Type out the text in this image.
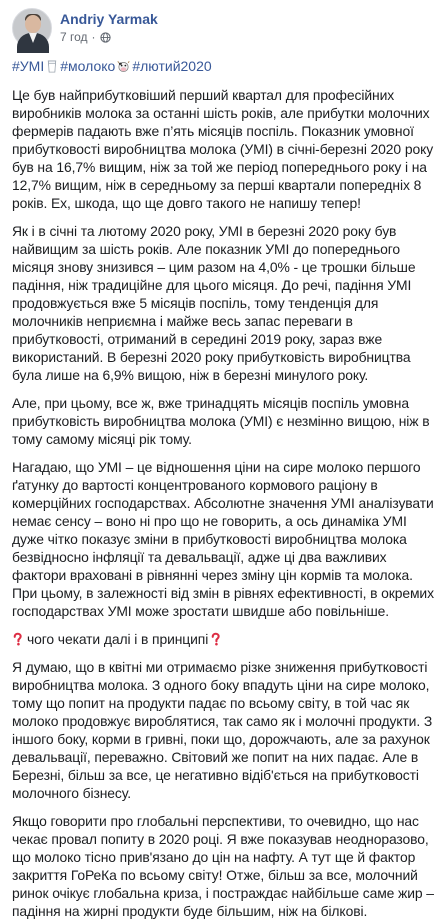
Andriy Yarmak
7 год ·
#УМІ #молоко #лютий2020

Це був найприбутковіший перший квартал для професійних виробників молока за останні шість років, але прибутки молочних фермерів падають вже п’ять місяців поспіль. Показник умовної прибутковості виробництва молока (УМІ) в січні-березні 2020 року був на 16,7% вищим, ніж за той же період попереднього року і на 12,7% вищим, ніж в середньому за перші квартали попередніх 8 років. Ех, шкода, що ще довго такого не напишу тепер!

Як і в січні та лютому 2020 року, УМІ в березні 2020 року був найвищим за шість років. Але показник УМІ до попереднього місяця знову знизився – цим разом на 4,0% - це трошки більше падіння, ніж традиційне для цього місяця. До речі, падіння УМІ продовжується вже 5 місяців поспіль, тому тенденція для молочників неприємна і майже весь запас переваги в прибутковості, отриманий в середині 2019 року, зараз вже використаний. В березні 2020 року прибутковість виробництва була лише на 6,9% вищою, ніж в березні минулого року.

Але, при цьому, все ж, вже тринадцять місяців поспіль умовна прибутковість виробництва молока (УМІ) є незмінно вищою, ніж в тому самому місяці рік тому.

Нагадаю, що УМІ – це відношення ціни на сире молоко першого ґатунку до вартості концентрованого кормового раціону в комерційних господарствах. Абсолютне значення УМІ аналізувати немає сенсу – воно ні про що не говорить, а ось динаміка УМІ дуже чітко показує зміни в прибутковості виробництва молока безвідносно інфляції та девальвації, адже ці два важливих фактори враховані в рівнянні через зміну цін кормів та молока. При цьому, в залежності від змін в рівнях ефективності, в окремих господарствах УМІ може зростати швидше або повільніше.

чого чекати далі і в принципі

Я думаю, що в квітні ми отримаємо різке зниження прибутковості виробництва молока. З одного боку впадуть ціни на сире молоко, тому що попит на продукти падає по всьому світу, в той час як молоко продовжує вироблятися, так само як і молочні продукти. З іншого боку, корми в гривні, поки що, дорожчають, але за рахунок девальвації, переважно. Світовий же попит на них падає. Але в Березні, більш за все, це негативно відіб'ється на прибутковості молочного бізнесу.

Якщо говорити про глобальні перспективи, то очевидно, що нас чекає провал попиту в 2020 році. Я вже показував неодноразово, що молоко тісно прив'язано до цін на нафту. А тут ще й фактор закриття ГоРеКа по всьому світу! Отже, більш за все, молочний ринок очікує глобальна криза, і постраждає найбільше саме жир – падіння на жирні продукти буде більшим, ніж на білкові.
